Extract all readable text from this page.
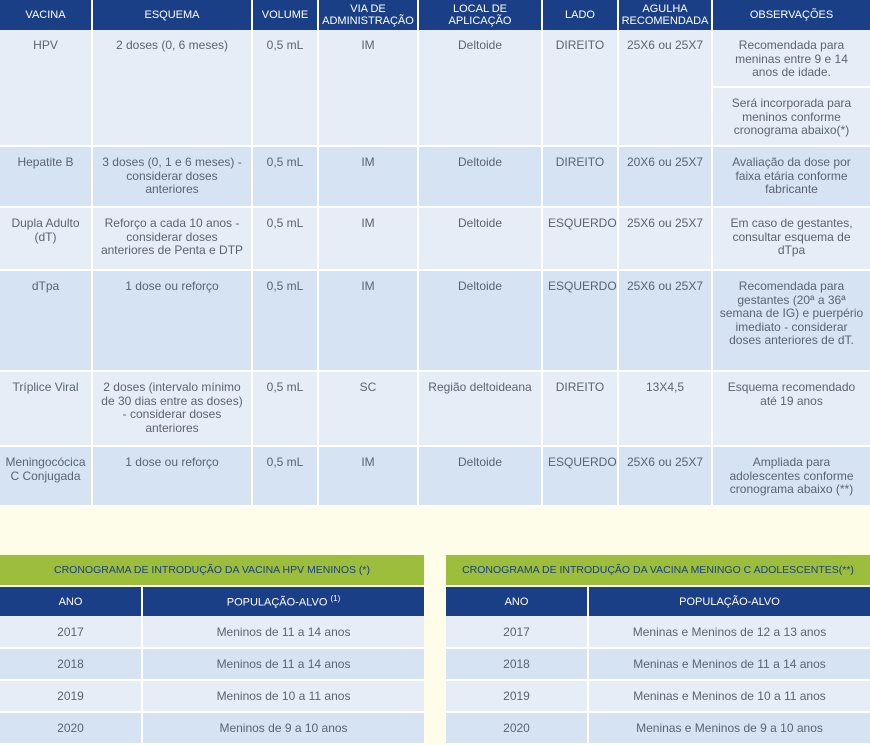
VACINA	ESQUEMA	VOLUME	VIA DE ADMINISTRAÇÃO	LOCAL DE APLICAÇÃO	LADO	AGULHA RECOMENDADA	OBSERVAÇÕES
HPV	2 doses (0, 6 meses)	0,5 mL	IM	Deltoide	DIREITO	25X6 ou 25X7	Recomendada para meninas entre 9 e 14 anos de idade.
Será incorporada para meninos conforme cronograma abaixo(*)

Hepatite B	3 doses (0, 1 e 6 meses) - considerar doses anteriores	0,5 mL	IM	Deltoide	DIREITO	20X6 ou 25X7	Avaliação da dose por faixa etária conforme fabricante
Dupla Adulto (dT)	Reforço a cada 10 anos - considerar doses anteriores de Penta e DTP	0,5 mL	IM	Deltoide	ESQUERDO	25X6 ou 25X7	Em caso de gestantes, consultar esquema de dTpa
dTpa	1 dose ou reforço	0,5 mL	IM	Deltoide	ESQUERDO	25X6 ou 25X7	Recomendada para gestantes (20ª a 36ª semana de IG) e puerpério imediato - considerar doses anteriores de dT.
Tríplice Viral	2 doses (intervalo mínimo de 30 dias entre as doses) - considerar doses anteriores	0,5 mL	SC	Região deltoideana	DIREITO	13X4,5	Esquema recomendado até 19 anos
Meningocócica C Conjugada	1 dose ou reforço	0,5 mL	IM	Deltoide	ESQUERDO	25X6 ou 25X7	Ampliada para adolescentes conforme cronograma abaixo (**)
CRONOGRAMA DE INTRODUÇÃO DA VACINA HPV MENINOS (*)
ANO	POPULAÇÃO-ALVO $^{(1)}$
2017	Meninos de 11 a 14 anos
2018	Meninos de 11 a 14 anos
2019	Meninos de 10 a 11 anos
2020	Meninos de 9 a 10 anos
CRONOGRAMA DE INTRODUÇÃO DA VACINA MENINGO C ADOLESCENTES(**)
ANO	POPULAÇÃO-ALVO
2017	Meninas e Meninos de 12 a 13 anos
2018	Meninas e Meninos de 11 a 14 anos
2019	Meninas e Meninos de 10 a 11 anos
2020	Meninas e Meninos de 9 a 10 anos
